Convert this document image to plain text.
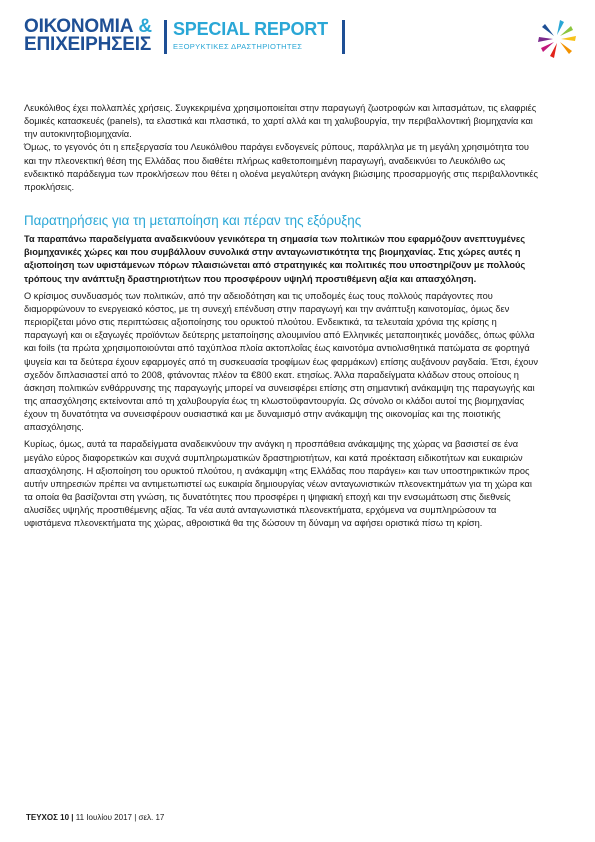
ΟΙΚΟΝΟΜΙΑ &
ΕΠΙΧΕΙΡΗΣΕΙΣ
SPECIAL REPORT
ΕΞΟΡΥΚΤΙΚΕΣ ΔΡΑΣΤΗΡΙΟΤΗΤΕΣ

Λευκόλιθος έχει πολλαπλές χρήσεις. Συγκεκριμένα χρησιμοποιείται στην παραγωγή ζωοτροφών και λιπασμάτων, τις ελαφριές δομικές κατασκευές (panels), τα ελαστικά και πλαστικά, το χαρτί αλλά και τη χαλυβουργία, την περιβαλλοντική βιομηχανία και την αυτοκινητοβιομηχανία.

Όμως, το γεγονός ότι η επεξεργασία του Λευκόλιθου παράγει ενδογενείς ρύπους, παράλληλα με τη μεγάλη χρησιμότητα του και την πλεονεκτική θέση της Ελλάδας που διαθέτει πλήρως καθετοποιημένη παραγωγή, αναδεικνύει το Λευκόλιθο ως ενδεικτικό παράδειγμα των προκλήσεων που θέτει η ολοένα μεγαλύτερη ανάγκη βιώσιμης προσαρμογής στις περιβαλλοντικές προκλήσεις.

Παρατηρήσεις για τη μεταποίηση και πέραν της εξόρυξης

Τα παραπάνω παραδείγματα αναδεικνύουν γενικότερα τη σημασία των πολιτικών που εφαρμόζουν ανεπτυγμένες βιομηχανικές χώρες και που συμβάλλουν συνολικά στην ανταγωνιστικότητα της βιομηχανίας. Στις χώρες αυτές η αξιοποίηση των υφιστάμενων πόρων πλαισιώνεται από στρατηγικές και πολιτικές που υποστηρίζουν με πολλούς τρόπους την ανάπτυξη δραστηριοτήτων που προσφέρουν υψηλή προστιθέμενη αξία και απασχόληση.

Ο κρίσιμος συνδυασμός των πολιτικών, από την αδειοδότηση και τις υποδομές έως τους πολλούς παράγοντες που διαμορφώνουν το ενεργειακό κόστος, με τη συνεχή επένδυση στην παραγωγή και την ανάπτυξη καινοτομίας, όμως δεν περιορίζεται μόνο στις περιπτώσεις αξιοποίησης του ορυκτού πλούτου. Ενδεικτικά, τα τελευταία χρόνια της κρίσης η παραγωγή και οι εξαγωγές προϊόντων δεύτερης μεταποίησης αλουμινίου από Ελληνικές μεταποιητικές μονάδες, όπως φύλλα και foils (τα πρώτα χρησιμοποιούνται από ταχύπλοα πλοία ακτοπλοΐας έως καινοτόμα αντιολισθητικά πατώματα σε φορτηγά ψυγεία και τα δεύτερα έχουν εφαρμογές από τη συσκευασία τροφίμων έως φαρμάκων) επίσης αυξάνουν ραγδαία. Έτσι, έχουν σχεδόν διπλασιαστεί από το 2008, φτάνοντας πλέον τα €800 εκατ. ετησίως. Άλλα παραδείγματα κλάδων στους οποίους η άσκηση πολιτικών ενθάρρυνσης της παραγωγής μπορεί να συνεισφέρει επίσης στη σημαντική ανάκαμψη της παραγωγής και της απασχόλησης εκτείνονται από τη χαλυβουργία έως τη κλωστοϋφαντουργία. Ως σύνολο οι κλάδοι αυτοί της βιομηχανίας έχουν τη δυνατότητα να συνεισφέρουν ουσιαστικά και με δυναμισμό στην ανάκαμψη της οικονομίας και της ποιοτικής απασχόλησης.

Κυρίως, όμως, αυτά τα παραδείγματα αναδεικνύουν την ανάγκη η προσπάθεια ανάκαμψης της χώρας να βασιστεί σε ένα μεγάλο εύρος διαφορετικών και συχνά συμπληρωματικών δραστηριοτήτων, και κατά προέκταση ειδικοτήτων και ευκαιριών απασχόλησης. Η αξιοποίηση του ορυκτού πλούτου, η ανάκαμψη «της Ελλάδας που παράγει» και των υποστηρικτικών προς αυτήν υπηρεσιών πρέπει να αντιμετωπιστεί ως ευκαιρία δημιουργίας νέων ανταγωνιστικών πλεονεκτημάτων για τη χώρα και τα οποία θα βασίζονται στη γνώση, τις δυνατότητες που προσφέρει η ψηφιακή εποχή και την ενσωμάτωση στις διεθνείς αλυσίδες υψηλής προστιθέμενης αξίας. Τα νέα αυτά ανταγωνιστικά πλεονεκτήματα, ερχόμενα να συμπληρώσουν τα υφιστάμενα πλεονεκτήματα της χώρας, αθροιστικά θα της δώσουν τη δύναμη να αφήσει οριστικά πίσω τη κρίση.

ΤΕΥΧΟΣ 10 | 11 Ιουλίου 2017 | σελ. 17
